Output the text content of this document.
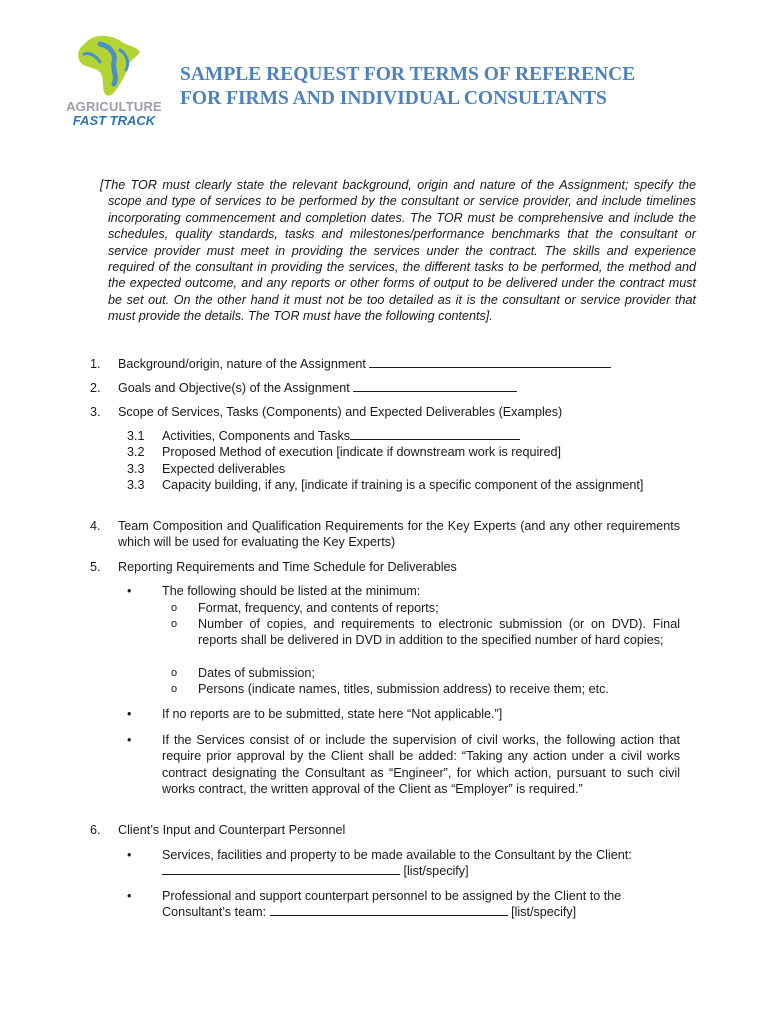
AGRICULTURE
FAST TRACK
SAMPLE REQUEST FOR TERMS OF REFERENCE
FOR FIRMS AND INDIVIDUAL CONSULTANTS

[The TOR must clearly state the relevant background, origin and nature of the Assignment; specify the scope and type of services to be performed by the consultant or service provider, and include timelines incorporating commencement and completion dates. The TOR must be comprehensive and include the schedules, quality standards, tasks and milestones/performance benchmarks that the consultant or service provider must meet in providing the services under the contract. The skills and experience required of the consultant in providing the services, the different tasks to be performed, the method and the expected outcome, and any reports or other forms of output to be delivered under the contract must be set out. On the other hand it must not be too detailed as it is the consultant or service provider that must provide the details. The TOR must have the following contents].

1. Background/origin, nature of the Assignment
2. Goals and Objective(s) of the Assignment
3. Scope of Services, Tasks (Components) and Expected Deliverables (Examples)
3.1 Activities, Components and Tasks
3.2 Proposed Method of execution [indicate if downstream work is required]
3.3 Expected deliverables
3.3 Capacity building, if any, [indicate if training is a specific component of the assignment]
4. Team Composition and Qualification Requirements for the Key Experts (and any other requirements which will be used for evaluating the Key Experts)
5. Reporting Requirements and Time Schedule for Deliverables
• The following should be listed at the minimum:
o Format, frequency, and contents of reports;
o Number of copies, and requirements to electronic submission (or on DVD). Final reports shall be delivered in DVD in addition to the specified number of hard copies;
o Dates of submission;
o Persons (indicate names, titles, submission address) to receive them; etc.
• If no reports are to be submitted, state here “Not applicable.”]
• If the Services consist of or include the supervision of civil works, the following action that require prior approval by the Client shall be added: “Taking any action under a civil works contract designating the Consultant as “Engineer”, for which action, pursuant to such civil works contract, the written approval of the Client as “Employer” is required.”
6. Client’s Input and Counterpart Personnel
• Services, facilities and property to be made available to the Consultant by the Client:
[list/specify]
• Professional and support counterpart personnel to be assigned by the Client to the Consultant’s team:	[list/specify]
